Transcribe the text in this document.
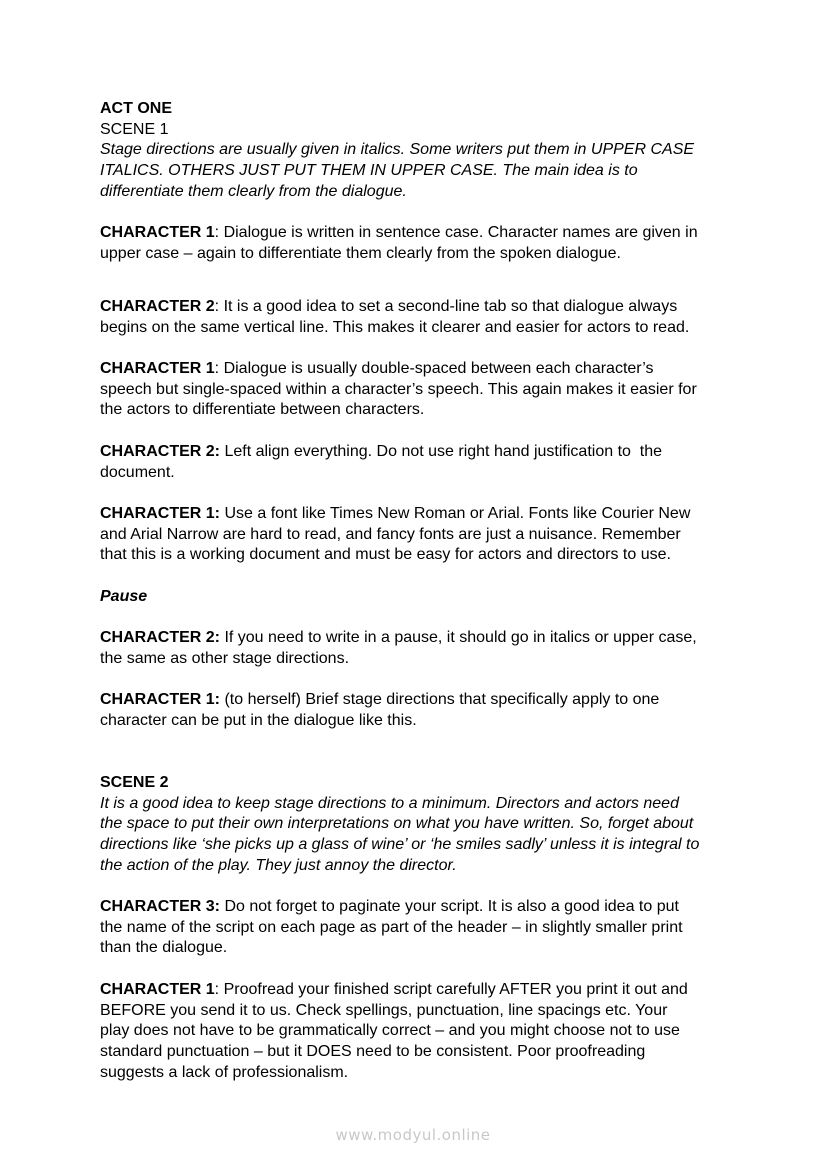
ACT ONE
SCENE 1
Stage directions are usually given in italics. Some writers put them in UPPER CASE
ITALICS. OTHERS JUST PUT THEM IN UPPER CASE. The main idea is to
differentiate them clearly from the dialogue.
CHARACTER 1: Dialogue is written in sentence case. Character names are given in
upper case – again to differentiate them clearly from the spoken dialogue.
CHARACTER 2: It is a good idea to set a second-line tab so that dialogue always
begins on the same vertical line. This makes it clearer and easier for actors to read.
CHARACTER 1: Dialogue is usually double-spaced between each character’s
speech but single-spaced within a character’s speech. This again makes it easier for
the actors to differentiate between characters.
CHARACTER 2: Left align everything. Do not use right hand justification to  the
document.
CHARACTER 1: Use a font like Times New Roman or Arial. Fonts like Courier New
and Arial Narrow are hard to read, and fancy fonts are just a nuisance. Remember
that this is a working document and must be easy for actors and directors to use.
Pause
CHARACTER 2: If you need to write in a pause, it should go in italics or upper case,
the same as other stage directions.
CHARACTER 1: (to herself) Brief stage directions that specifically apply to one
character can be put in the dialogue like this.
SCENE 2
It is a good idea to keep stage directions to a minimum. Directors and actors need
the space to put their own interpretations on what you have written. So, forget about
directions like ‘she picks up a glass of wine’ or ‘he smiles sadly’ unless it is integral to
the action of the play. They just annoy the director.
CHARACTER 3: Do not forget to paginate your script. It is also a good idea to put
the name of the script on each page as part of the header – in slightly smaller print
than the dialogue.
CHARACTER 1: Proofread your finished script carefully AFTER you print it out and
BEFORE you send it to us. Check spellings, punctuation, line spacings etc. Your
play does not have to be grammatically correct – and you might choose not to use
standard punctuation – but it DOES need to be consistent. Poor proofreading
suggests a lack of professionalism.
www.modyul.online
